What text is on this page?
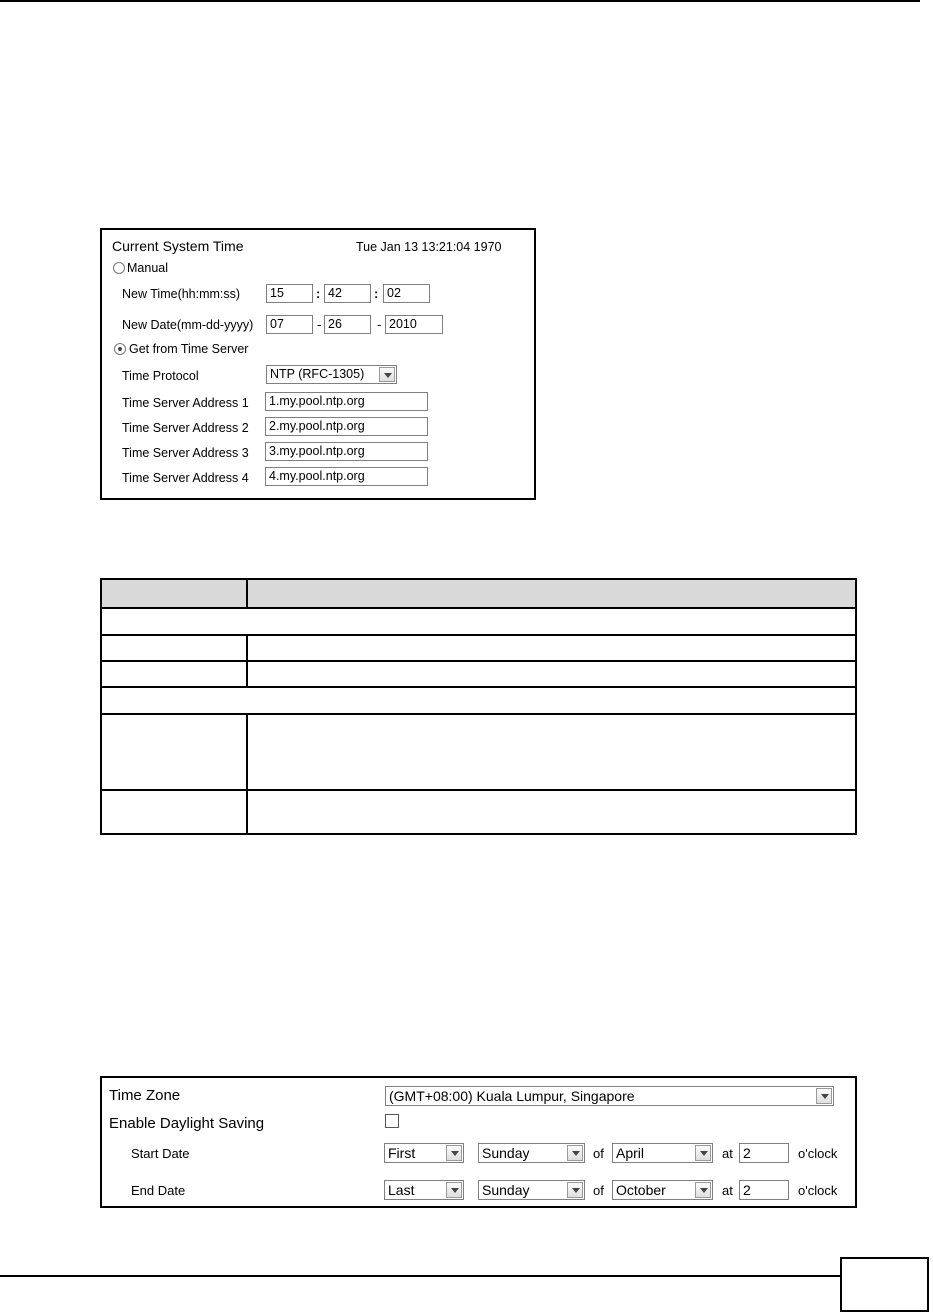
Current System Time	Tue Jan 13 13:21:04 1970
Manual
New Time(hh:mm:ss)	15	: 42	: 02
New Date(mm-dd-yyyy)	07	- 26	- 2010
Get from Time Server
Time Protocol	NTP (RFC-1305)
Time Server Address 1	1.my.pool.ntp.org
Time Server Address 2	2.my.pool.ntp.org
Time Server Address 3	3.my.pool.ntp.org
Time Server Address 4	4.my.pool.ntp.org

Time Zone	(GMT+08:00) Kuala Lumpur, Singapore
Enable Daylight Saving
Start Date	First	Sunday	of April	at 2	o'clock
End Date	Last	Sunday	of October	at 2	o'clock
